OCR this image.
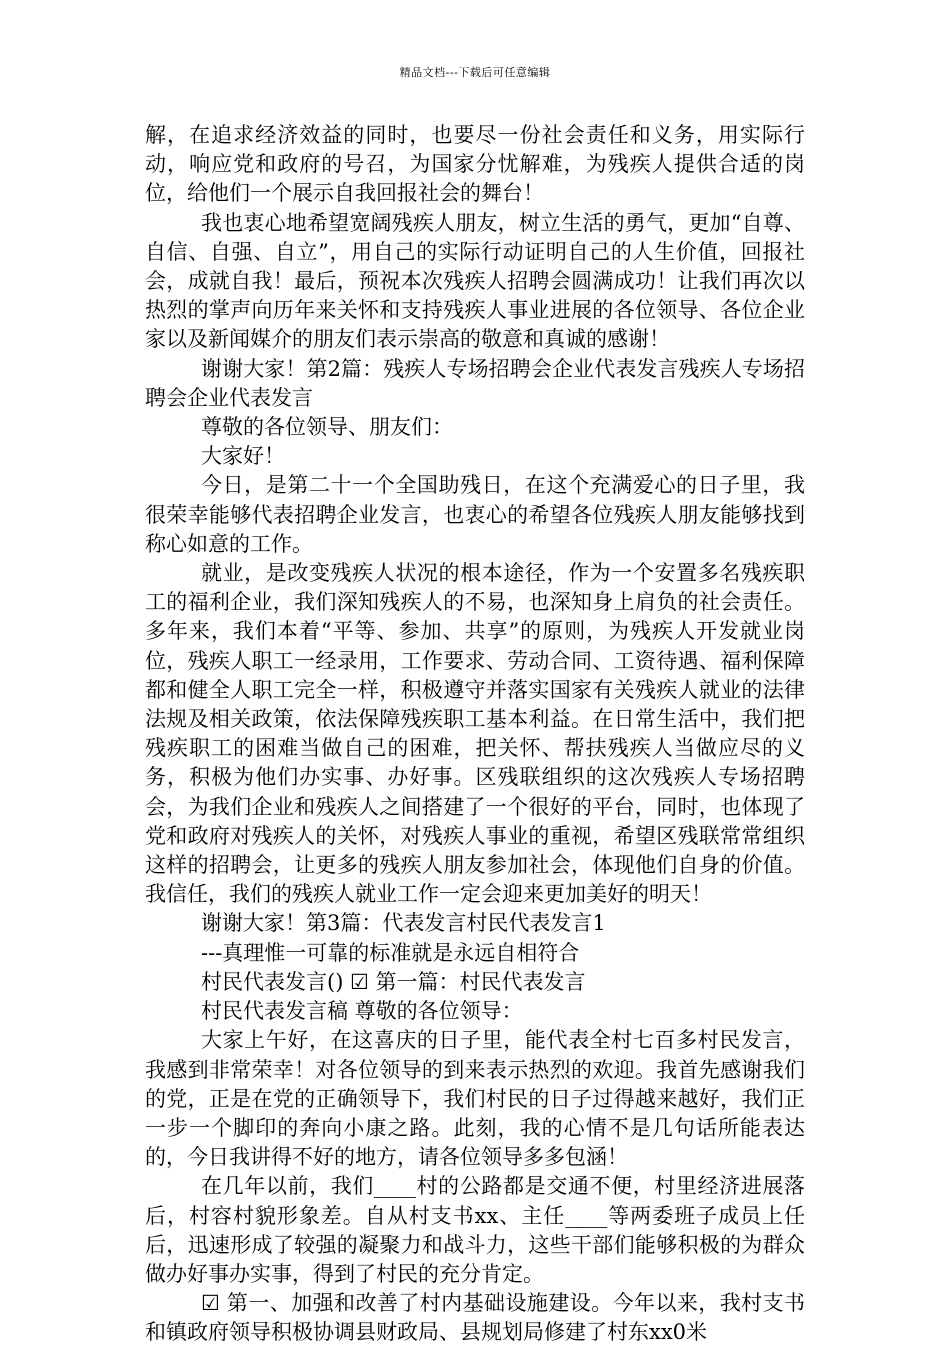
精品文档---下载后可任意编辑

解，在追求经济效益的同时，也要尽一份社会责任和义务，用实际行动，响应党和政府的号召，为国家分忧解难，为残疾人提供合适的岗位，给他们一个展示自我回报社会的舞台！

我也衷心地希望宽阔残疾人朋友，树立生活的勇气，更加“自尊、自信、自强、自立”，用自己的实际行动证明自己的人生价值，回报社会，成就自我！最后，预祝本次残疾人招聘会圆满成功！让我们再次以热烈的掌声向历年来关怀和支持残疾人事业进展的各位领导、各位企业家以及新闻媒介的朋友们表示崇高的敬意和真诚的感谢！

谢谢大家！第2篇：残疾人专场招聘会企业代表发言残疾人专场招聘会企业代表发言

尊敬的各位领导、朋友们：

大家好！

今日，是第二十一个全国助残日，在这个充满爱心的日子里，我很荣幸能够代表招聘企业发言，也衷心的希望各位残疾人朋友能够找到称心如意的工作。

就业，是改变残疾人状况的根本途径，作为一个安置多名残疾职工的福利企业，我们深知残疾人的不易，也深知身上肩负的社会责任。多年来，我们本着“平等、参加、共享”的原则，为残疾人开发就业岗位，残疾人职工一经录用，工作要求、劳动合同、工资待遇、福利保障都和健全人职工完全一样，积极遵守并落实国家有关残疾人就业的法律法规及相关政策，依法保障残疾职工基本利益。在日常生活中，我们把残疾职工的困难当做自己的困难，把关怀、帮扶残疾人当做应尽的义务，积极为他们办实事、办好事。区残联组织的这次残疾人专场招聘会，为我们企业和残疾人之间搭建了一个很好的平台，同时，也体现了党和政府对残疾人的关怀，对残疾人事业的重视，希望区残联常常组织这样的招聘会，让更多的残疾人朋友参加社会，体现他们自身的价值。我信任，我们的残疾人就业工作一定会迎来更加美好的明天！

谢谢大家！第3篇：代表发言村民代表发言1

---真理惟一可靠的标准就是永远自相符合

村民代表发言() ☑ 第一篇：村民代表发言

村民代表发言稿 尊敬的各位领导：

大家上午好，在这喜庆的日子里，能代表全村七百多村民发言，我感到非常荣幸！对各位领导的到来表示热烈的欢迎。我首先感谢我们的党，正是在党的正确领导下，我们村民的日子过得越来越好，我们正一步一个脚印的奔向小康之路。此刻，我的心情不是几句话所能表达的，今日我讲得不好的地方，请各位领导多多包涵！

在几年以前，我们____村的公路都是交通不便，村里经济进展落后，村容村貌形象差。自从村支书xx、主任____等两委班子成员上任后，迅速形成了较强的凝聚力和战斗力，这些干部们能够积极的为群众做办好事办实事，得到了村民的充分肯定。

☑ 第一、加强和改善了村内基础设施建设。今年以来，我村支书和镇政府领导积极协调县财政局、县规划局修建了村东xx0米
